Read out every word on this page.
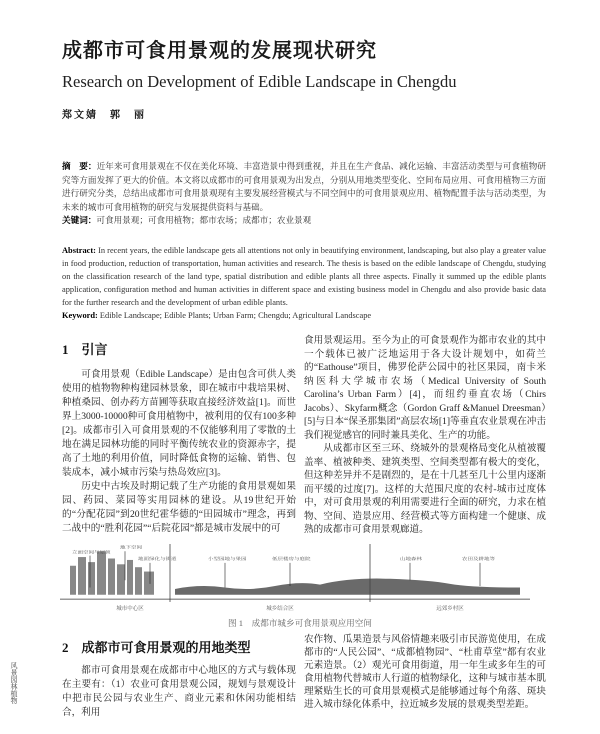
成都市可食用景观的发展现状研究
Research on Development of Edible Landscape in Chengdu
郑文婧　郭　丽
摘　要：近年来可食用景观在不仅在美化环境、丰富造景中得到重视，并且在生产食品、减化运输、丰富活动类型与可食植物研究等方面发挥了更大的价值。本文将以成都市的可食用景观为出发点，分别从用地类型变化、空间布局应用、可食用植物三方面进行研究分类，总结出成都市可食用景观现有主要发展经营模式与不同空间中的可食用景观应用、植物配置手法与活动类型，为未来的城市可食用植物的研究与发展提供资料与基础。
关键词：可食用景观；可食用植物；都市农场；成都市；农业景观
Abstract: In recent years, the edible landscape gets all attentions not only in beautifying environment, landscaping, but also play a greater value in food production, reduction of transportation, human activities and research. The thesis is based on the edible landscape of Chengdu, studying on the classification research of the land type, spatial distribution and edible plants all three aspects. Finally it summed up the edible plants application, configuration method and human activities in different space and existing business model in Chengdu and also provide basic data for the further research and the development of urban edible plants.
Keyword: Edible Landscape; Edible Plants; Urban Farm; Chengdu; Agricultural Landscape
1　引言

可食用景观（Edible Landscape）是由包含可供人类使用的植物物种构建园林景象，即在城市中栽培果树、种植桑园、创办药方苗圃等获取直接经济效益[1]。而世界上3000-10000种可食用植物中，被利用的仅有100多种[2]。成都市引入可食用景观的不仅能够利用了零散的土地在满足园林功能的同时平衡传统农业的资源赤字，提高了土地的利用价值，同时降低食物的运输、销售、包装成本，减小城市污染与热岛效应[3]。

历史中古埃及时期记载了生产功能的食用景观如果园、药园、菜园等实用园林的建设。从19世纪开始的“分配花园”到20世纪霍华德的“田园城市”理念，再到二战中的“胜利花园”“后院花园”都是城市发展中的可

食用景观运用。至今为止的可食景观作为都市农业的其中一个载体已被广泛地运用于各大设计规划中，如荷兰的“Eathouse”项目，佛罗伦萨公园中的社区果园，南卡米纳医科大学城市农场（Medical University of South Carolina’s Urban Farm）[4]，而纽约垂直农场（Chirs Jacobs）、Skyfarm概念（Gordon Graff &Manuel Dreesman）[5]与日本“保圣那集团”高层农场[1]等垂直农业景观在冲击我们视觉感官的同时兼具美化、生产的功能。

从成都市区至三环、绕城外的景观格局变化从植被覆盖率、植被种类、建筑类型、空间类型都有极大的变化，但这种差异并不是剧烈的，是在十几甚至几十公里内逐渐而平缓的过度[7]。这样的大范围尺度的农村-城市过度体中，对可食用景观的利用需要进行全面的研究，力求在植物、空间、造景应用、经营模式等方面构建一个健康、成熟的成都市可食用景观廊道。

立面空间与屋顶
地下空间
地面绿化与街道	小型园地与果园	低层楼房与庭院	山地森林	农田及耕地等
城市中心区	城乡结合区	远郊乡村区
图 1　成都市城乡可食用景观应用空间
风景园林植物
2　成都市可食用景观的用地类型

都市可食用景观在成都市中心地区的方式与载体现在主要有：（1）农业可食用景观公园，规划与景观设计中把市民公园与农业生产、商业元素和休闲功能相结合，利用

农作物、瓜果造景与风俗情趣来吸引市民游览使用，在成都市的“人民公园”、“成都植物园”、“杜甫草堂”都有农业元素造景。（2）观光可食用街道，用一年生或多年生的可食用植物代替城市人行道的植物绿化，这种与城市基本肌理紧贴生长的可食用景观模式是能够通过每个角落、斑块进入城市绿化体系中，拉近城乡发展的景观类型差距。
